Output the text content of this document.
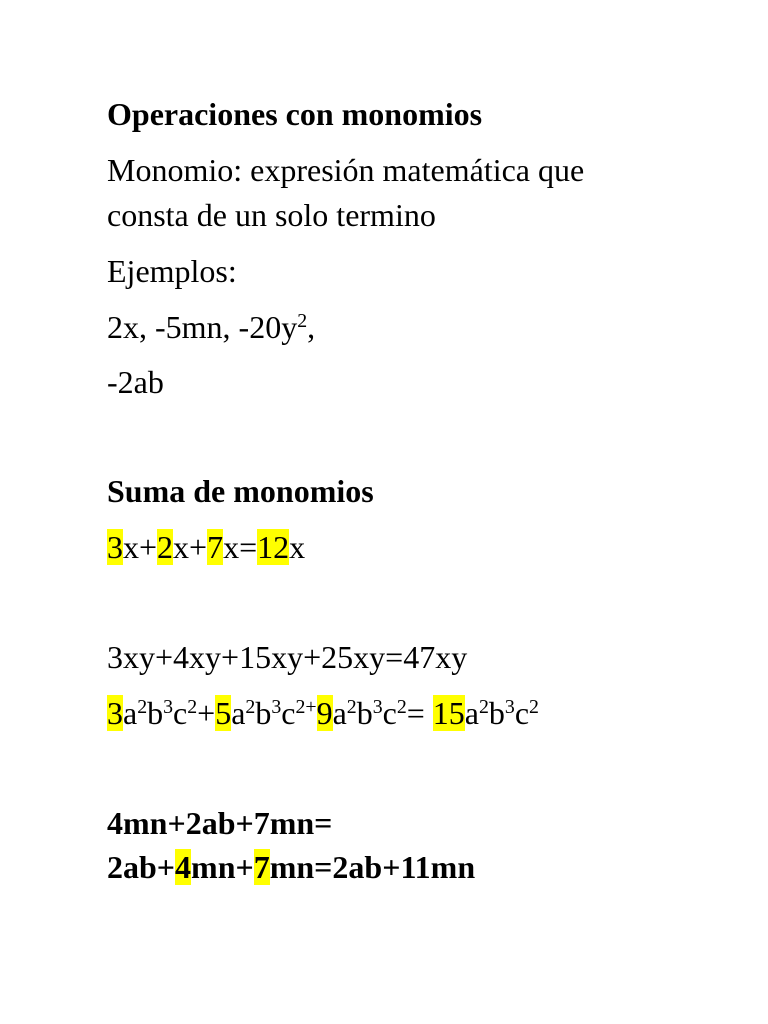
Operaciones con monomios
Monomio: expresión matemática que
consta de un solo termino
Ejemplos:
2x, -5mn, $-20y^2$,
-2ab
Suma de monomios
3x+2x+7x=12x
3xy+4xy+15xy+25xy=47xy
$3a^2b^3c^2+5a^2b^3c^{2+}9a^2b^3c^2= 15a^2b^3c^2$
4mn+2ab+7mn=
2ab+4mn+7mn=2ab+11mn
